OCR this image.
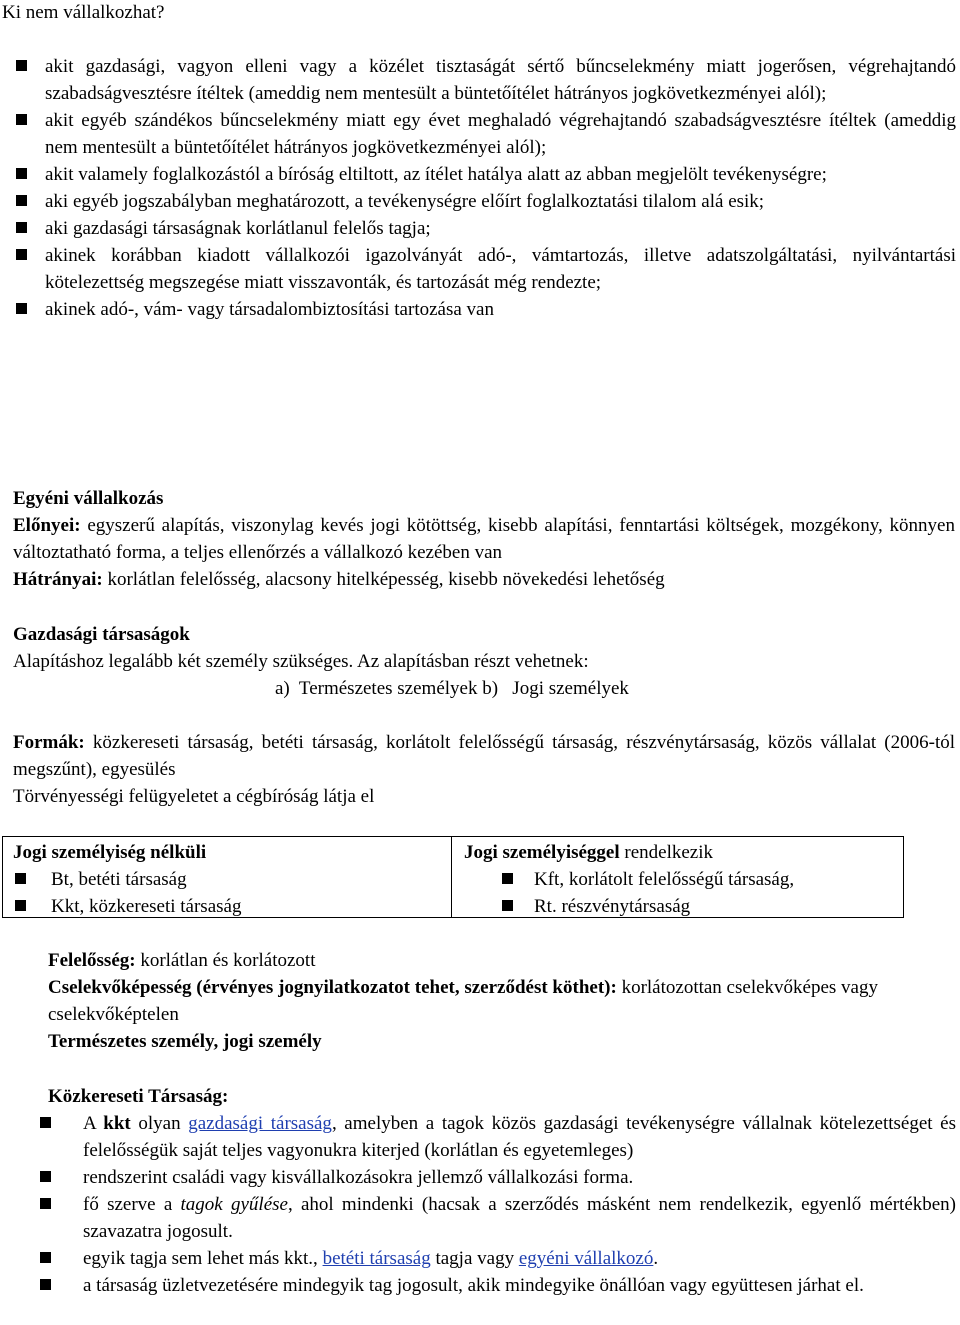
Ki nem vállalkozhat?
akit gazdasági, vagyon elleni vagy a közélet tisztaságát sértő bűncselekmény miatt jogerősen, végrehajtandó szabadságvesztésre ítéltek (ameddig nem mentesült a büntetőítélet hátrányos jogkövetkezményei alól);
akit egyéb szándékos bűncselekmény miatt egy évet meghaladó végrehajtandó szabadságvesztésre ítéltek (ameddig nem mentesült a büntetőítélet hátrányos jogkövetkezményei alól);
akit valamely foglalkozástól a bíróság eltiltott, az ítélet hatálya alatt az abban megjelölt tevékenységre;
aki egyéb jogszabályban meghatározott, a tevékenységre előírt foglalkoztatási tilalom alá esik;
aki gazdasági társaságnak korlátlanul felelős tagja;
akinek korábban kiadott vállalkozói igazolványát adó-, vámtartozás, illetve adatszolgáltatási, nyilvántartási kötelezettség megszegése miatt visszavonták, és tartozását még rendezte;
akinek adó-, vám- vagy társadalombiztosítási tartozása van
Egyéni vállalkozás
Előnyei: egyszerű alapítás, viszonylag kevés jogi kötöttség, kisebb alapítási, fenntartási költségek, mozgékony, könnyen változtatható forma, a teljes ellenőrzés a vállalkozó kezében van
Hátrányai: korlátlan felelősség, alacsony hitelképesség, kisebb növekedési lehetőség
Gazdasági társaságok
Alapításhoz legalább két személy szükséges. Az alapításban részt vehetnek:
a)  Természetes személyek b)   Jogi személyek
Formák: közkereseti társaság, betéti társaság, korlátolt felelősségű társaság, részvénytársaság, közös vállalat (2006-tól megszűnt), egyesülés
Törvényességi felügyeletet a cégbíróság látja el
Jogi személyiség nélküli
Bt, betéti társaság
Kkt, közkereseti társaság
Jogi személyiséggel rendelkezik
Kft, korlátolt felelősségű társaság,
Rt. részvénytársaság
Felelősség: korlátlan és korlátozott
Cselekvőképesség (érvényes jognyilatkozatot tehet, szerződést köthet): korlátozottan cselekvőképes vagy cselekvőképtelen
Természetes személy, jogi személy
Közkereseti Társaság:
A kkt olyan gazdasági társaság, amelyben a tagok közös gazdasági tevékenységre vállalnak kötelezettséget és felelősségük saját teljes vagyonukra kiterjed (korlátlan és egyetemleges)
rendszerint családi vagy kisvállalkozásokra jellemző vállalkozási forma.
fő szerve a tagok gyűlése, ahol mindenki (hacsak a szerződés másként nem rendelkezik, egyenlő mértékben) szavazatra jogosult.
egyik tagja sem lehet más kkt., betéti társaság tagja vagy egyéni vállalkozó.
a társaság üzletvezetésére mindegyik tag jogosult, akik mindegyike önállóan vagy együttesen járhat el.
